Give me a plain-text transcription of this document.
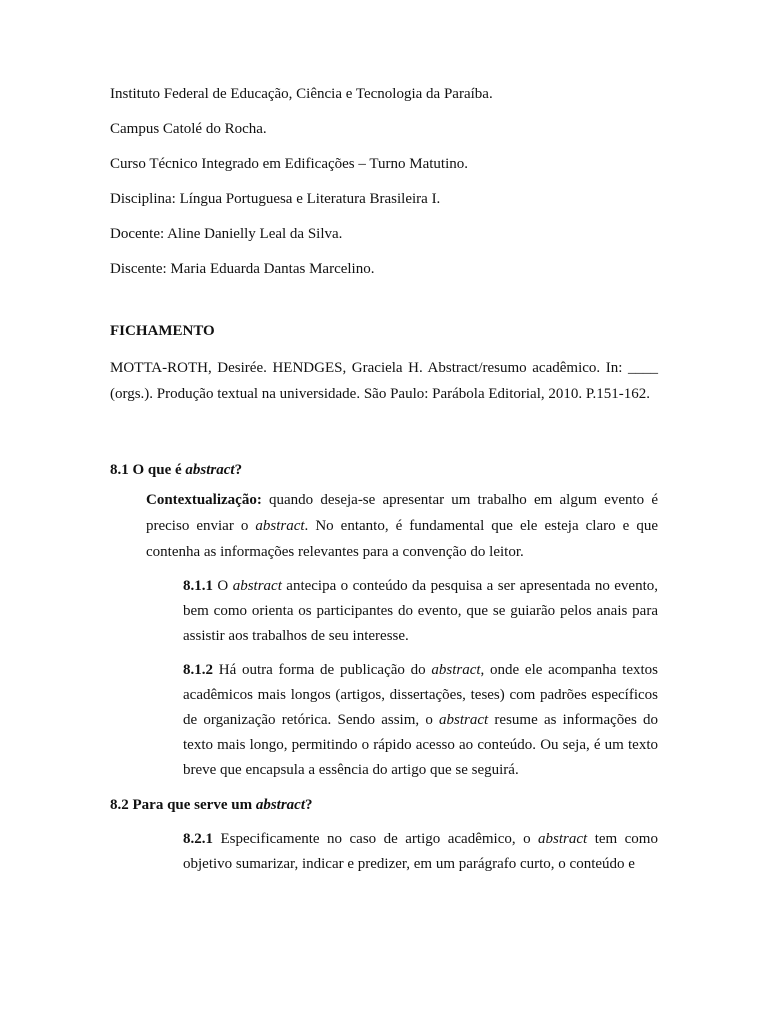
Instituto Federal de Educação, Ciência e Tecnologia da Paraíba.

Campus Catolé do Rocha.

Curso Técnico Integrado em Edificações – Turno Matutino.

Disciplina: Língua Portuguesa e Literatura Brasileira I.

Docente: Aline Danielly Leal da Silva.

Discente: Maria Eduarda Dantas Marcelino.

FICHAMENTO

MOTTA-ROTH, Desirée. HENDGES, Graciela H. Abstract/resumo acadêmico. In: ____ (orgs.). Produção textual na universidade. São Paulo: Parábola Editorial, 2010. P.151-162.

8.1 O que é abstract?

Contextualização: quando deseja-se apresentar um trabalho em algum evento é preciso enviar o abstract. No entanto, é fundamental que ele esteja claro e que contenha as informações relevantes para a convenção do leitor.

8.1.1 O abstract antecipa o conteúdo da pesquisa a ser apresentada no evento, bem como orienta os participantes do evento, que se guiarão pelos anais para assistir aos trabalhos de seu interesse.

8.1.2 Há outra forma de publicação do abstract, onde ele acompanha textos acadêmicos mais longos (artigos, dissertações, teses) com padrões específicos de organização retórica. Sendo assim, o abstract resume as informações do texto mais longo, permitindo o rápido acesso ao conteúdo. Ou seja, é um texto breve que encapsula a essência do artigo que se seguirá.

8.2 Para que serve um abstract?

8.2.1 Especificamente no caso de artigo acadêmico, o abstract tem como objetivo sumarizar, indicar e predizer, em um parágrafo curto, o conteúdo e
